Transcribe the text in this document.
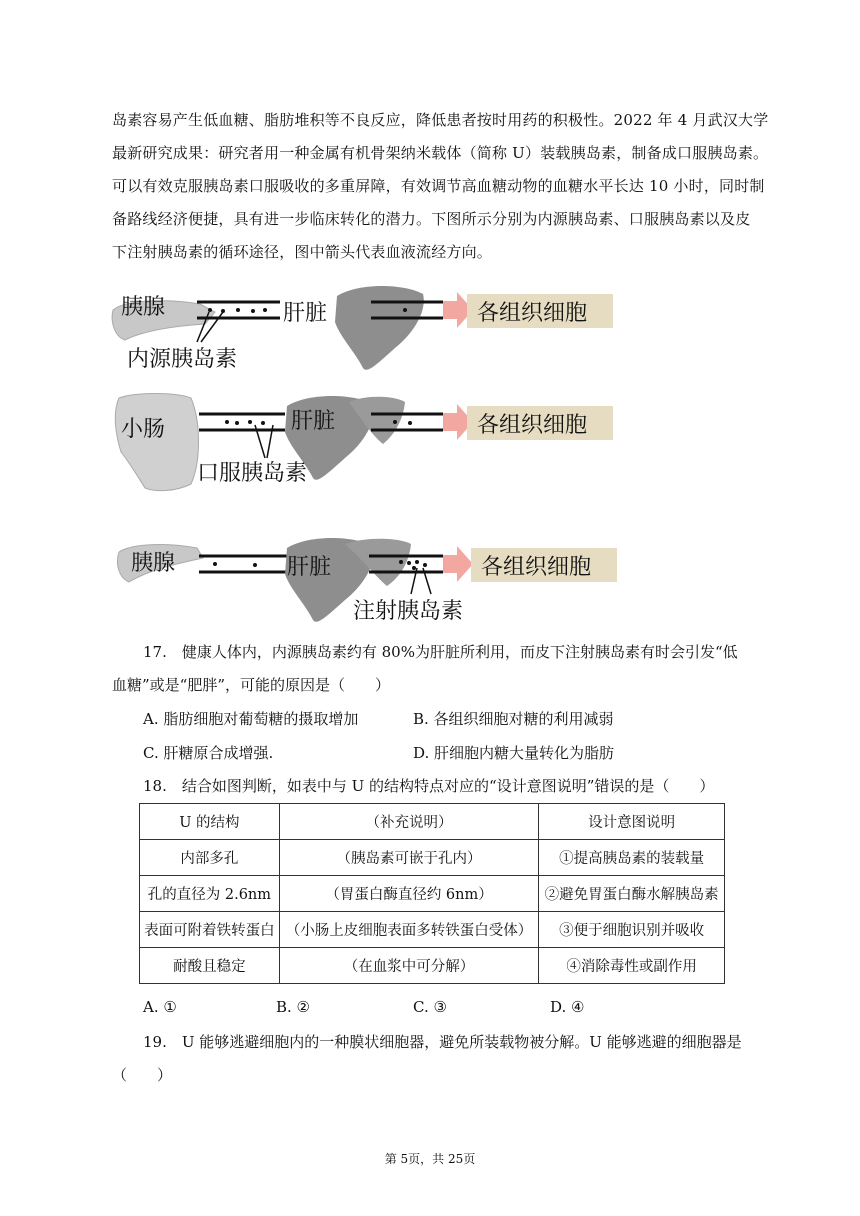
岛素容易产生低血糖、脂肪堆积等不良反应，降低患者按时用药的积极性。2022 年 4 月武汉大学
最新研究成果：研究者用一种金属有机骨架纳米载体（简称 U）装载胰岛素，制备成口服胰岛素。
可以有效克服胰岛素口服吸收的多重屏障，有效调节高血糖动物的血糖水平长达 10 小时，同时制
备路线经济便捷，具有进一步临床转化的潜力。下图所示分别为内源胰岛素、口服胰岛素以及皮
下注射胰岛素的循环途径，图中箭头代表血液流经方向。
胰腺
内源胰岛素
肝脏	各组织细胞
小肠
口服胰岛素
肝脏	各组织细胞
胰腺	肝脏
注射胰岛素
各组织细胞
17.　健康人体内，内源胰岛素约有 80%为肝脏所利用，而皮下注射胰岛素有时会引发“低
血糖”或是“肥胖”，可能的原因是（　　）
A. 脂肪细胞对葡萄糖的摄取增加	B. 各组织细胞对糖的利用减弱
C. 肝糖原合成增强.	D. 肝细胞内糖大量转化为脂肪
18.　结合如图判断，如表中与 U 的结构特点对应的“设计意图说明”错误的是（　　）
U 的结构	（补充说明）	设计意图说明
内部多孔	（胰岛素可嵌于孔内）	①提高胰岛素的装载量
孔的直径为 2.6nm	（胃蛋白酶直径约 6nm）	②避免胃蛋白酶水解胰岛素
表面可附着铁转蛋白	（小肠上皮细胞表面多转铁蛋白受体）	③便于细胞识别并吸收
耐酸且稳定	（在血浆中可分解）	④消除毒性或副作用
A. ①	B. ②	C. ③	D. ④
19.　U 能够逃避细胞内的一种膜状细胞器，避免所装载物被分解。U 能够逃避的细胞器是
（　　）
第 5页，共 25页
